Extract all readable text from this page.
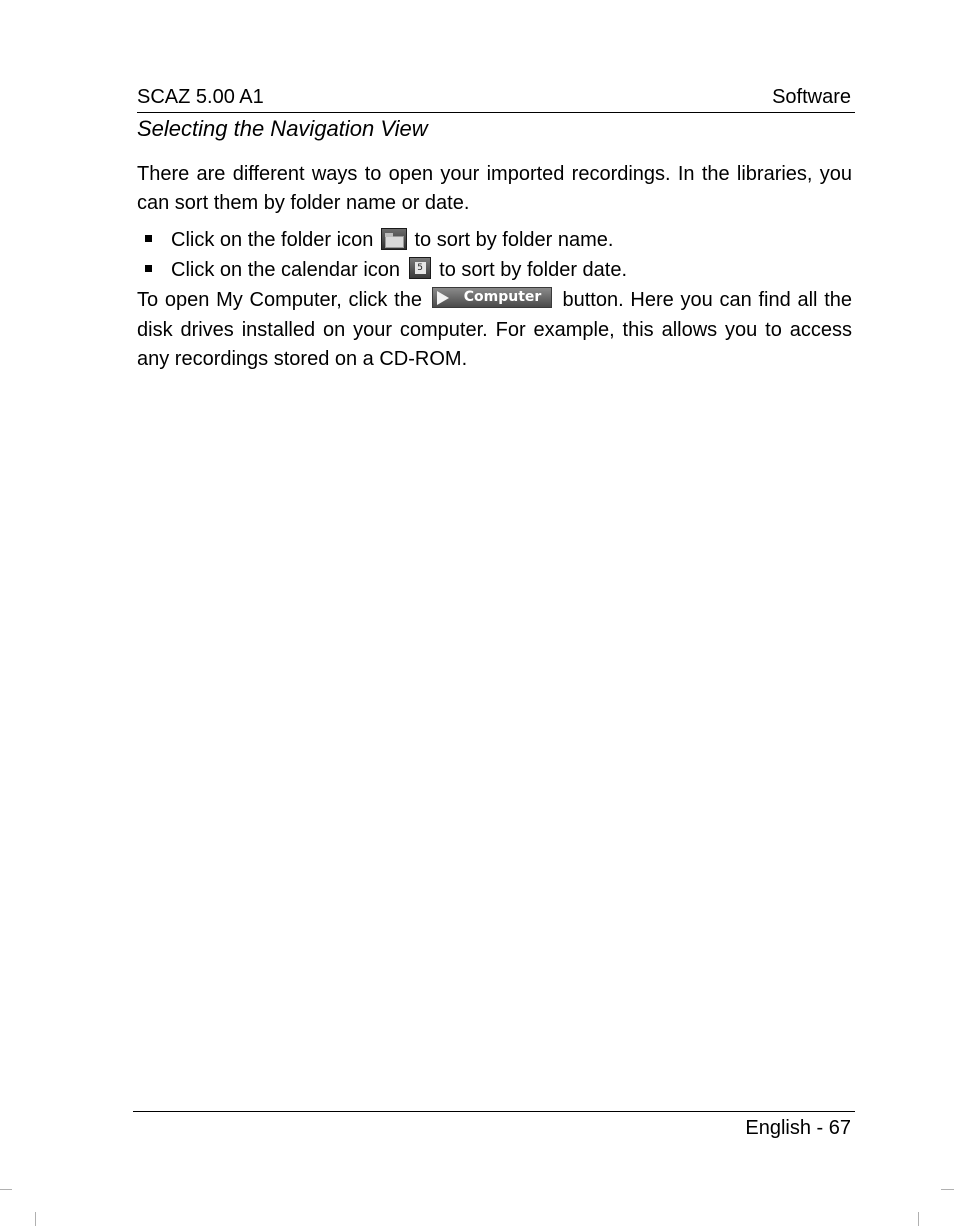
SCAZ 5.00 A1	Software
Selecting the Navigation View
There are different ways to open your imported recordings. In the libraries, you can sort them by folder name or date.
Click on the folder icon to sort by folder name.
Click on the calendar icon 5 to sort by folder date.
To open My Computer, click the	Computer button. Here you can find all the disk drives installed on your computer. For example, this allows you to access any recordings stored on a CD-ROM.
English - 67
